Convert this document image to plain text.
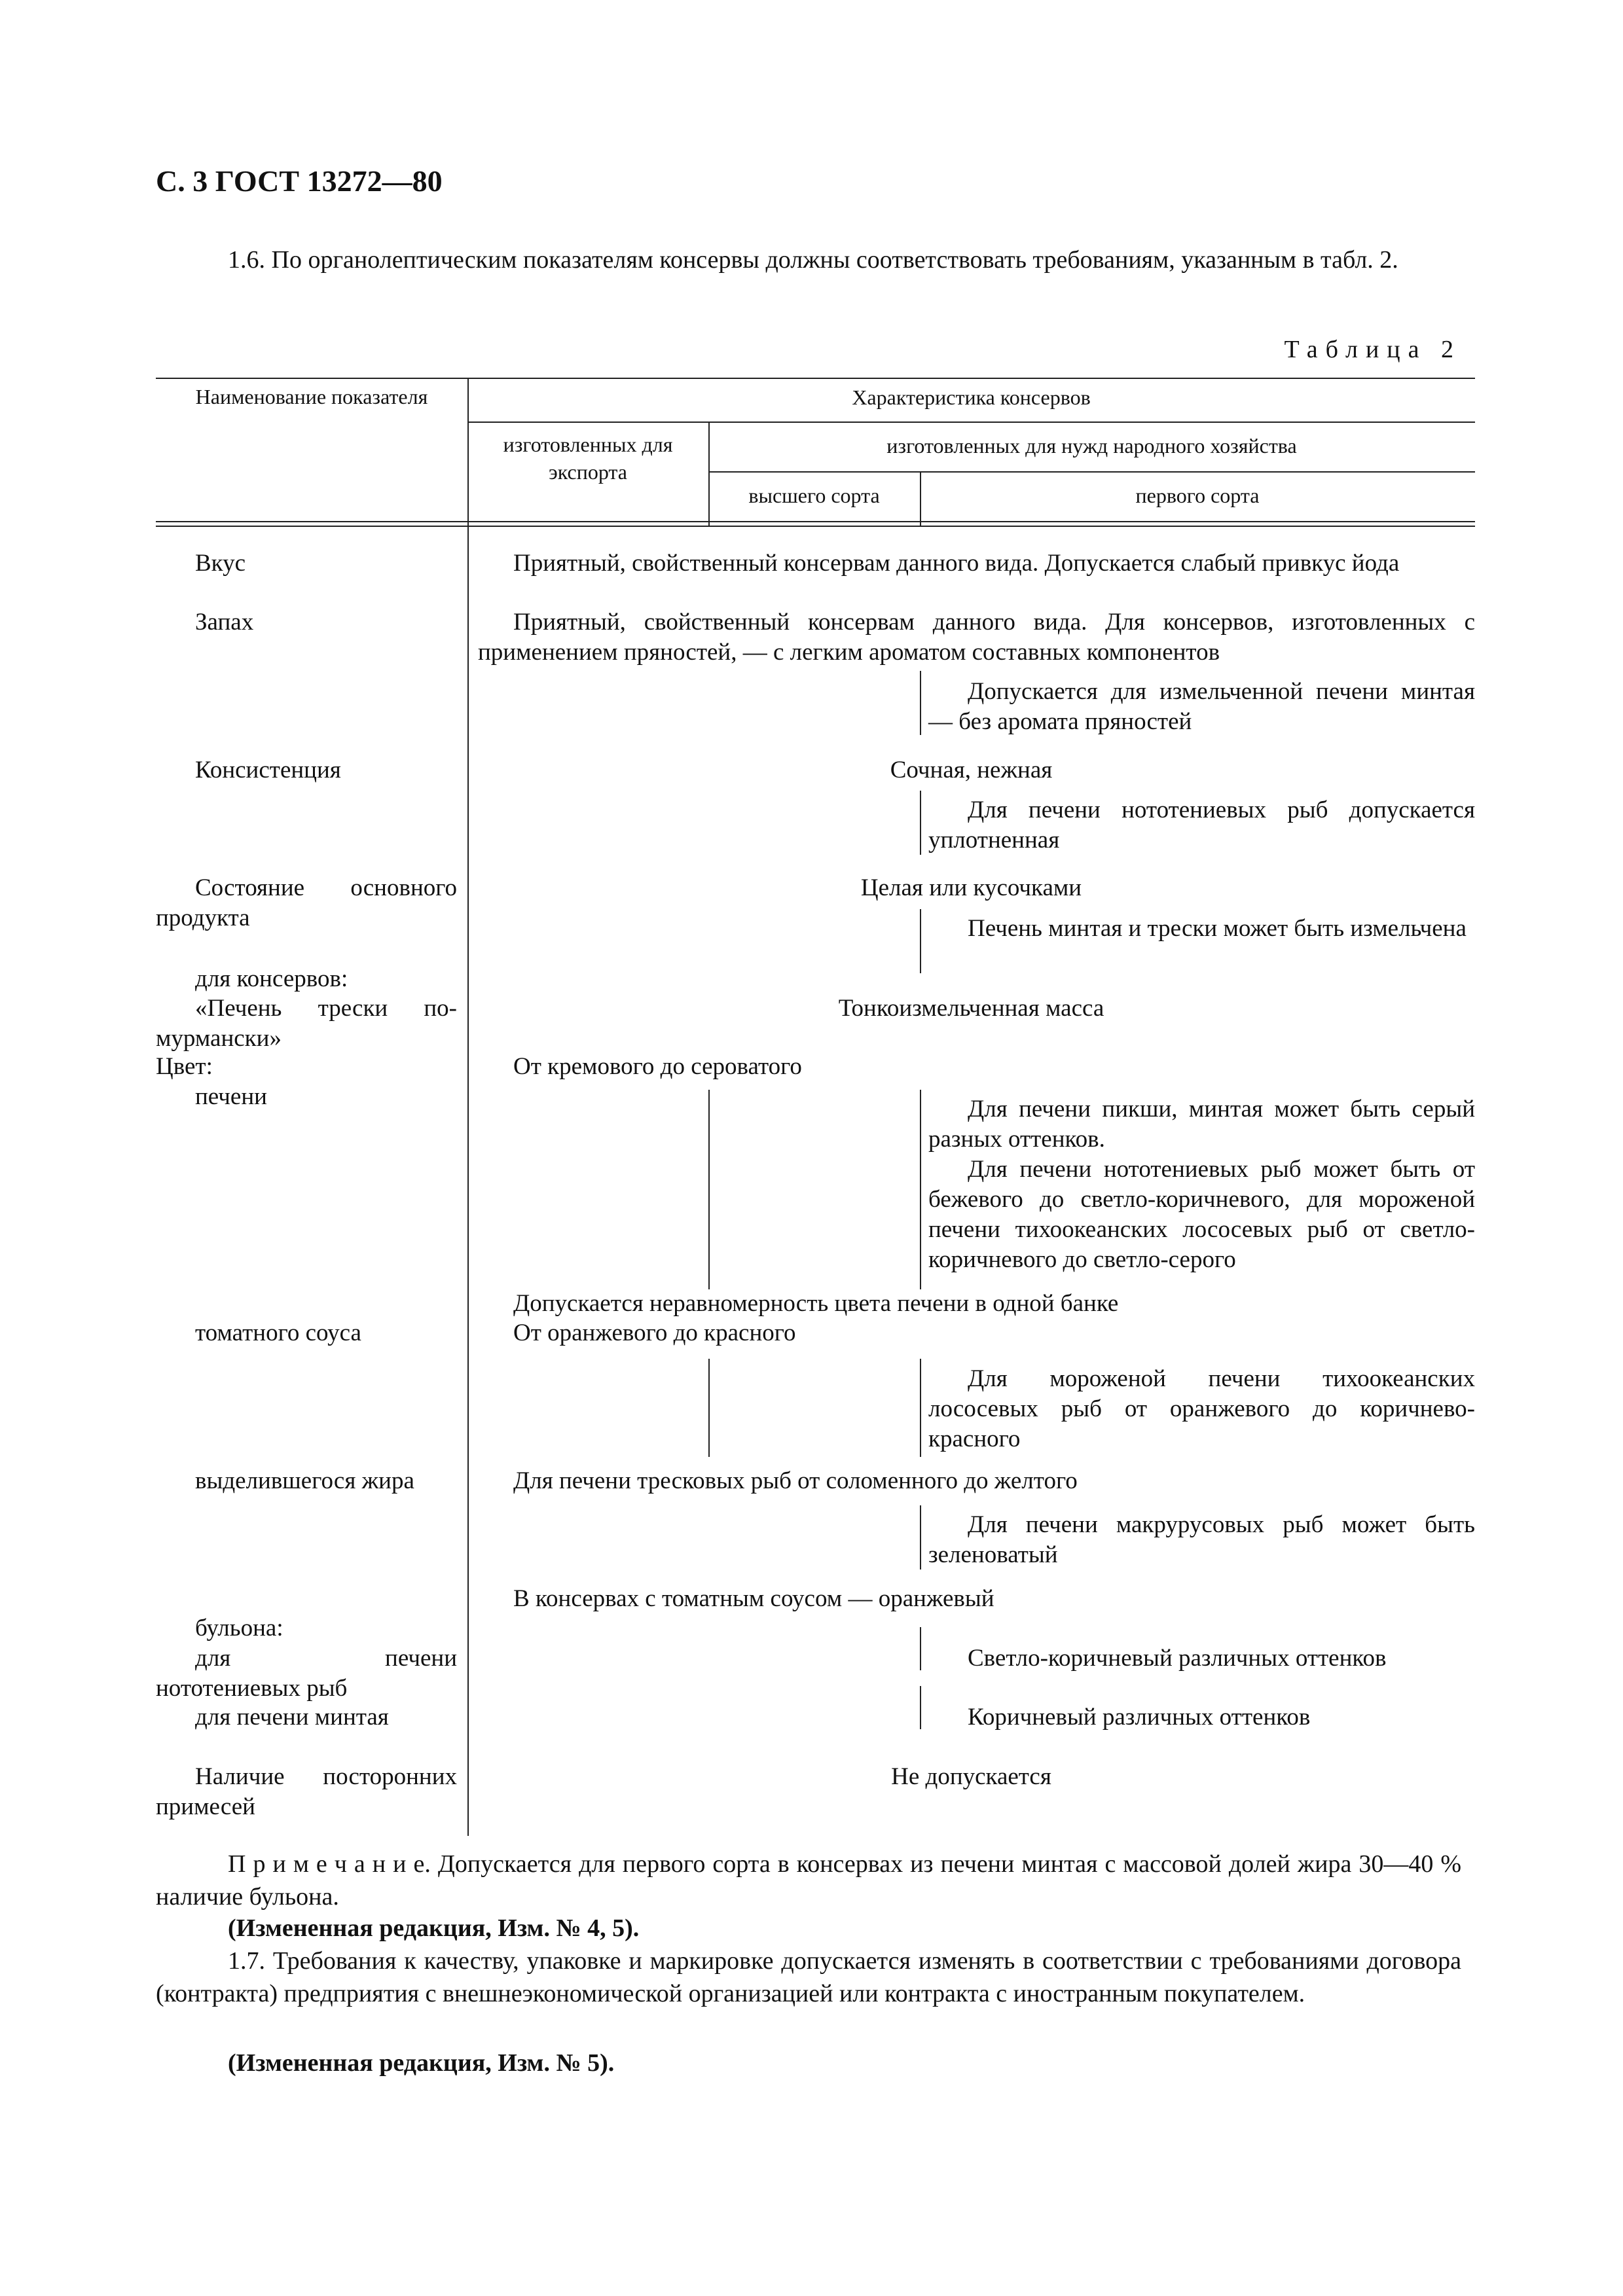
С. 3 ГОСТ 13272—80
1.6. По органолептическим показателям консервы должны соответствовать требованиям, указанным в табл. 2.
Таблица 2
Наименование показателя	Характеристика консервов
изготовленных для экспорта
изготовленных для нужд народного хозяйства
высшего сорта	первого сорта
Вкус
Запах
Консистенция
Состояние основного продукта
для консервов:
«Печень трески по-мурмански»
Цвет:
печени
томатного соуса
выделившегося жира
бульона:
для печени нототениевых рыб
для печени минтая
Наличие посторонних примесей
Приятный, свойственный консервам данного вида. Допускается слабый привкус йода
Приятный, свойственный консервам данного вида. Для консервов, изготовленных с применением пряностей, — с легким ароматом составных компонентов
Допускается для измельченной печени минтая — без аромата пряностей
Сочная, нежная
Для печени нототениевых рыб допускается уплотненная
Целая или кусочками
Печень минтая и трески может быть измельчена
Тонкоизмельченная масса
От кремового до сероватого
Для печени пикши, минтая может быть серый разных оттенков.
Для печени нототениевых рыб может быть от бежевого до светло-коричневого, для мороженой печени тихоокеанских лососевых рыб от светло-коричневого до светло-серого
Допускается неравномерность цвета печени в одной банке
От оранжевого до красного
Для мороженой печени тихоокеанских лососевых рыб от оранжевого до коричнево-красного
Для печени тресковых рыб от соломенного до желтого
Для печени макрурусовых рыб может быть зеленоватый
В консервах с томатным соусом — оранжевый
Светло-коричневый различных оттенков
Коричневый различных оттенков
Не допускается
П р и м е ч а н и е. Допускается для первого сорта в консервах из печени минтая с массовой долей жира 30—40 % наличие бульона.
(Измененная редакция, Изм. № 4, 5).
1.7. Требования к качеству, упаковке и маркировке допускается изменять в соответствии с требованиями договора (контракта) предприятия с внешнеэкономической организацией или контракта с иностранным покупателем.
(Измененная редакция, Изм. № 5).
